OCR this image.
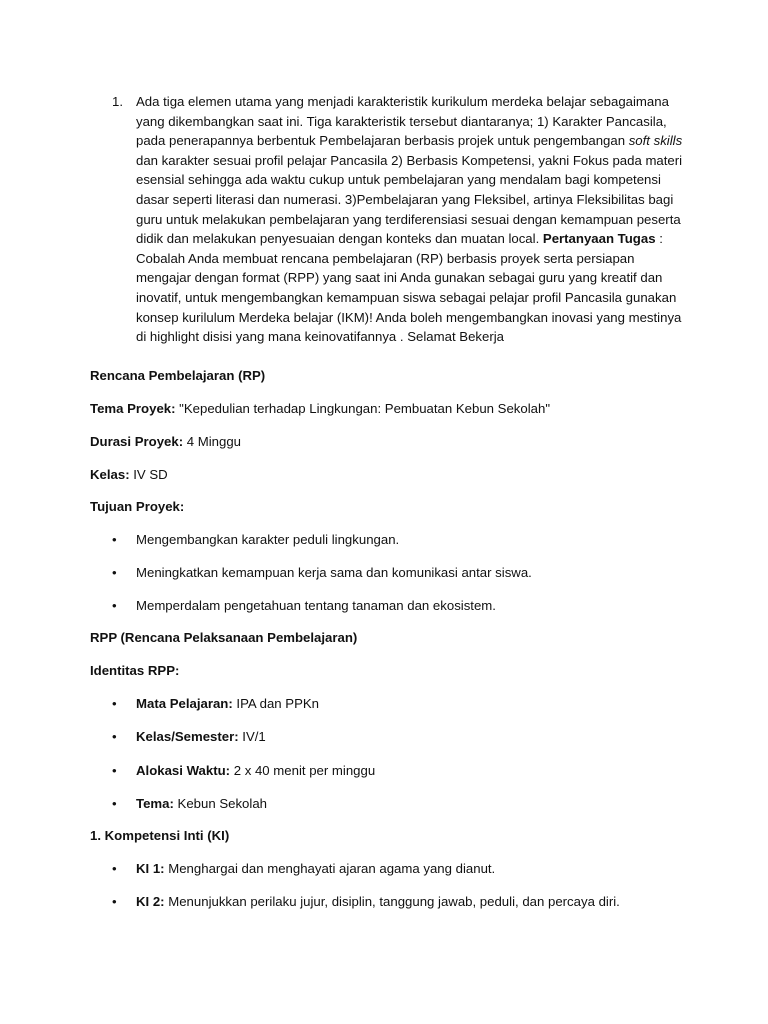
1. Ada tiga elemen utama yang menjadi karakteristik kurikulum merdeka belajar sebagaimana yang dikembangkan saat ini. Tiga karakteristik tersebut diantaranya; 1) Karakter Pancasila, pada penerapannya berbentuk Pembelajaran berbasis projek untuk pengembangan soft skills dan karakter sesuai profil pelajar Pancasila 2) Berbasis Kompetensi, yakni Fokus pada materi esensial sehingga ada waktu cukup untuk pembelajaran yang mendalam bagi kompetensi dasar seperti literasi dan numerasi. 3)Pembelajaran yang Fleksibel, artinya Fleksibilitas bagi guru untuk melakukan pembelajaran yang terdiferensiasi sesuai dengan kemampuan peserta didik dan melakukan penyesuaian dengan konteks dan muatan local. Pertanyaan Tugas : Cobalah Anda membuat rencana pembelajaran (RP) berbasis proyek serta persiapan mengajar dengan format (RPP) yang saat ini Anda gunakan sebagai guru yang kreatif dan inovatif, untuk mengembangkan kemampuan siswa sebagai pelajar profil Pancasila gunakan konsep kurilulum Merdeka belajar (IKM)! Anda boleh mengembangkan inovasi yang mestinya di highlight disisi yang mana keinovatifannya . Selamat Bekerja
Rencana Pembelajaran (RP)
Tema Proyek: "Kepedulian terhadap Lingkungan: Pembuatan Kebun Sekolah"
Durasi Proyek: 4 Minggu
Kelas: IV SD
Tujuan Proyek:
• Mengembangkan karakter peduli lingkungan.
• Meningkatkan kemampuan kerja sama dan komunikasi antar siswa.
• Memperdalam pengetahuan tentang tanaman dan ekosistem.
RPP (Rencana Pelaksanaan Pembelajaran)
Identitas RPP:
• Mata Pelajaran: IPA dan PPKn
• Kelas/Semester: IV/1
• Alokasi Waktu: 2 x 40 menit per minggu
• Tema: Kebun Sekolah
1. Kompetensi Inti (KI)
• KI 1: Menghargai dan menghayati ajaran agama yang dianut.
• KI 2: Menunjukkan perilaku jujur, disiplin, tanggung jawab, peduli, dan percaya diri.
